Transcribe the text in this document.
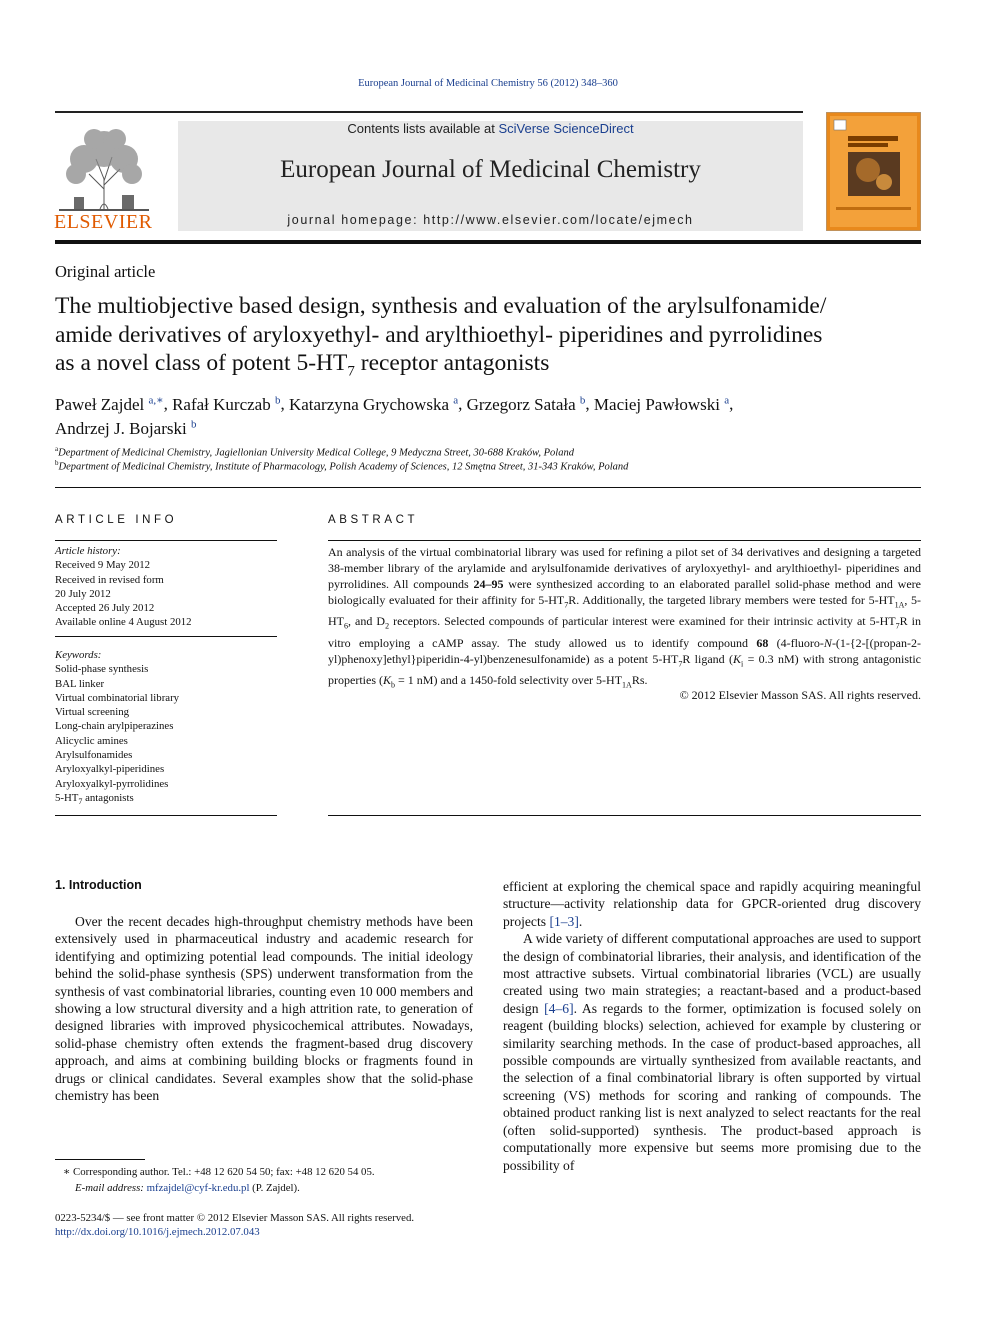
European Journal of Medicinal Chemistry 56 (2012) 348–360
ELSEVIER
Contents lists available at SciVerse ScienceDirect
European Journal of Medicinal Chemistry
journal homepage: http://www.elsevier.com/locate/ejmech
Original article
The multiobjective based design, synthesis and evaluation of the arylsulfonamide/
amide derivatives of aryloxyethyl- and arylthioethyl- piperidines and pyrrolidines
as a novel class of potent $5-HT_7$ receptor antagonists
Paweł Zajdel $^{a,∗}$, Rafał Kurczab $^b$, Katarzyna Grychowska $^a$, Grzegorz Satała $^b$, Maciej Pawłowski $^a$,
Andrzej J. Bojarski $^b$
$^a$Department of Medicinal Chemistry, Jagiellonian University Medical College, 9 Medyczna Street, 30-688 Kraków, Poland
$^b$Department of Medicinal Chemistry, Institute of Pharmacology, Polish Academy of Sciences, 12 Smętna Street, 31-343 Kraków, Poland
ARTICLE INFO
Article history:
Received 9 May 2012
Received in revised form
20 July 2012
Accepted 26 July 2012
Available online 4 August 2012
Keywords:
Solid-phase synthesis
BAL linker
Virtual combinatorial library
Virtual screening
Long-chain arylpiperazines
Alicyclic amines
Arylsulfonamides
Aryloxyalkyl-piperidines
Aryloxyalkyl-pyrrolidines
$5-HT_7$ antagonists
ABSTRACT
An analysis of the virtual combinatorial library was used for refining a pilot set of 34 derivatives and designing a targeted 38-member library of the arylamide and arylsulfonamide derivatives of aryloxyethyl- and arylthioethyl- piperidines and pyrrolidines. All compounds 24–95 were synthesized according to an elaborated parallel solid-phase method and were biologically evaluated for their affinity for $5-HT_7R$. Additionally, the targeted library members were tested for $5-HT_{1A}$, $5-HT_6$, and $D_2$ receptors. Selected compounds of particular interest were examined for their intrinsic activity at $5-HT_7R$ in vitro employing a cAMP assay. The study allowed us to identify compound 68 (4-fluoro-N-(1-{2-[(propan-2-yl)phenoxy]ethyl}piperidin-4-yl)benzenesulfonamide) as a potent $5-HT_7R$ ligand ($K_i = 0.3$ nM) with strong antagonistic properties ($K_b = 1$ nM) and a 1450-fold selectivity over $5-HT_{1A}Rs$.
© 2012 Elsevier Masson SAS. All rights reserved.
1. Introduction

Over the recent decades high-throughput chemistry methods have been extensively used in pharmaceutical industry and academic research for identifying and optimizing potential lead compounds. The initial ideology behind the solid-phase synthesis (SPS) underwent transformation from the synthesis of vast combinatorial libraries, counting even 10 000 members and showing a low structural diversity and a high attrition rate, to generation of designed libraries with improved physicochemical attributes. Nowadays, solid-phase chemistry often extends the fragment-based drug discovery approach, and aims at combining building blocks or fragments found in drugs or clinical candidates. Several examples show that the solid-phase chemistry has been

efficient at exploring the chemical space and rapidly acquiring meaningful structure—activity relationship data for GPCR-oriented drug discovery projects [1–3].

A wide variety of different computational approaches are used to support the design of combinatorial libraries, their analysis, and identification of the most attractive subsets. Virtual combinatorial libraries (VCL) are usually created using two main strategies; a reactant-based and a product-based design [4–6]. As regards to the former, optimization is focused solely on reagent (building blocks) selection, achieved for example by clustering or similarity searching methods. In the case of product-based approaches, all possible compounds are virtually synthesized from available reactants, and the selection of a final combinatorial library is often supported by virtual screening (VS) methods for scoring and ranking of compounds. The obtained product ranking list is next analyzed to select reactants for the real (often solid-supported) synthesis. The product-based approach is computationally more expensive but seems more promising due to the possibility of

∗ Corresponding author. Tel.: +48 12 620 54 50; fax: +48 12 620 54 05.
E-mail address: mfzajdel@cyf-kr.edu.pl (P. Zajdel).
0223-5234/$ — see front matter © 2012 Elsevier Masson SAS. All rights reserved.
http://dx.doi.org/10.1016/j.ejmech.2012.07.043
